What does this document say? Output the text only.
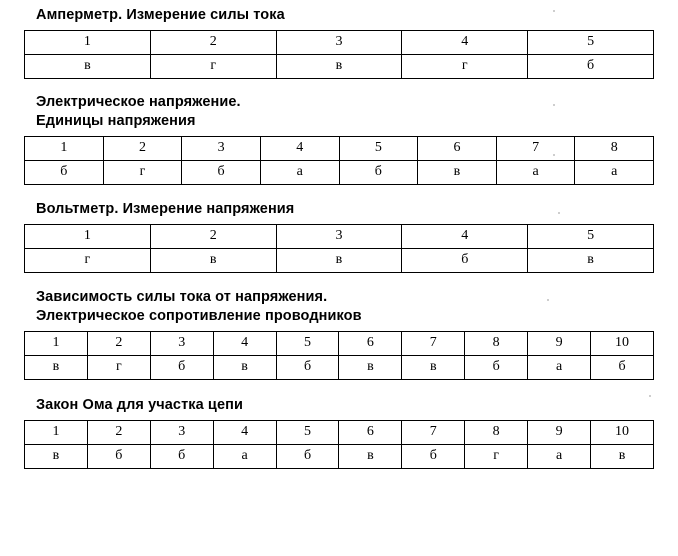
Амперметр. Измерение силы тока
1	2	3	4	5
в	г	в	г	б
Электрическое напряжение.
Единицы напряжения
1	2	3	4	5	6	7	8
б	г	б	а	б	в	а	а
Вольтметр. Измерение напряжения
1	2	3	4	5
г	в	в	б	в
Зависимость силы тока от напряжения.
Электрическое сопротивление проводников
1	2	3	4	5	6	7	8	9	10
в	г	б	в	б	в	в	б	а	б
Закон Ома для участка цепи
1	2	3	4	5	6	7	8	9	10
в	б	б	а	б	в	б	г	а	в
